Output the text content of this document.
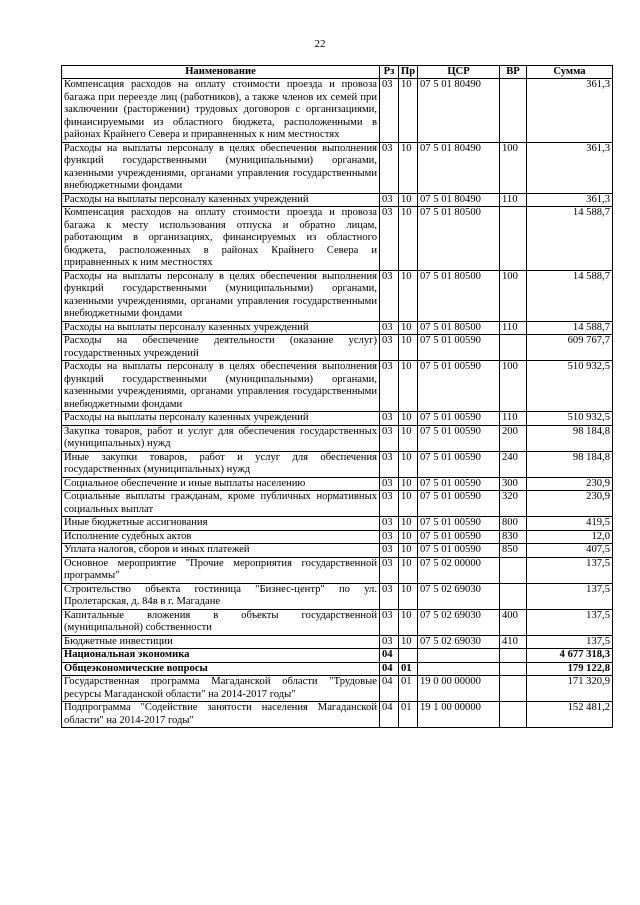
22
Наименование	Рз	Пр	ЦСР	ВР	Сумма
Компенсация расходов на оплату стоимости проезда и провоза багажа при переезде лиц (работников), а также членов их семей при заключении (расторжении) трудовых договоров с организациями, финансируемыми из областного бюджета, расположенными в районах Крайнего Севера и приравненных к ним местностях	03	10	07 5 01 80490		361,3
Расходы на выплаты персоналу в целях обеспечения выполнения функций государственными (муниципальными) органами, казенными учреждениями, органами управления государственными внебюджетными фондами	03	10	07 5 01 80490	100	361,3
Расходы на выплаты персоналу казенных учреждений	03	10	07 5 01 80490	110	361,3
Компенсация расходов на оплату стоимости проезда и провоза багажа к месту использования отпуска и обратно лицам, работающим в организациях, финансируемых из областного бюджета, расположенных в районах Крайнего Севера и приравненных к ним местностях	03	10	07 5 01 80500		14 588,7
Расходы на выплаты персоналу в целях обеспечения выполнения функций государственными (муниципальными) органами, казенными учреждениями, органами управления государственными внебюджетными фондами	03	10	07 5 01 80500	100	14 588,7
Расходы на выплаты персоналу казенных учреждений	03	10	07 5 01 80500	110	14 588,7
Расходы на обеспечение деятельности (оказание услуг) государственных учреждений	03	10	07 5 01 00590		609 767,7
Расходы на выплаты персоналу в целях обеспечения выполнения функций государственными (муниципальными) органами, казенными учреждениями, органами управления государственными внебюджетными фондами	03	10	07 5 01 00590	100	510 932,5
Расходы на выплаты персоналу казенных учреждений	03	10	07 5 01 00590	110	510 932,5
Закупка товаров, работ и услуг для обеспечения государственных (муниципальных) нужд	03	10	07 5 01 00590	200	98 184,8
Иные закупки товаров, работ и услуг для обеспечения государственных (муниципальных) нужд	03	10	07 5 01 00590	240	98 184,8
Социальное обеспечение и иные выплаты населению	03	10	07 5 01 00590	300	230,9
Социальные выплаты гражданам, кроме публичных нормативных социальных выплат	03	10	07 5 01 00590	320	230,9
Иные бюджетные ассигнования	03	10	07 5 01 00590	800	419,5
Исполнение судебных актов	03	10	07 5 01 00590	830	12,0
Уплата налогов, сборов и иных платежей	03	10	07 5 01 00590	850	407,5
Основное мероприятие "Прочие мероприятия государственной программы"	03	10	07 5 02 00000		137,5
Строительство объекта гостиница "Бизнес-центр" по ул. Пролетарская, д. 84в в г. Магадане	03	10	07 5 02 69030		137,5
Капитальные вложения в объекты государственной (муниципальной) собственности	03	10	07 5 02 69030	400	137,5
Бюджетные инвестиции	03	10	07 5 02 69030	410	137,5
Национальная экономика	04				4 677 318,3
Общеэкономические вопросы	04	01			179 122,8
Государственная программа Магаданской области "Трудовые ресурсы Магаданской области" на 2014-2017 годы"	04	01	19 0 00 00000		171 320,9
Подпрограмма "Содействие занятости населения Магаданской области" на 2014-2017 годы"	04	01	19 1 00 00000		152 481,2
